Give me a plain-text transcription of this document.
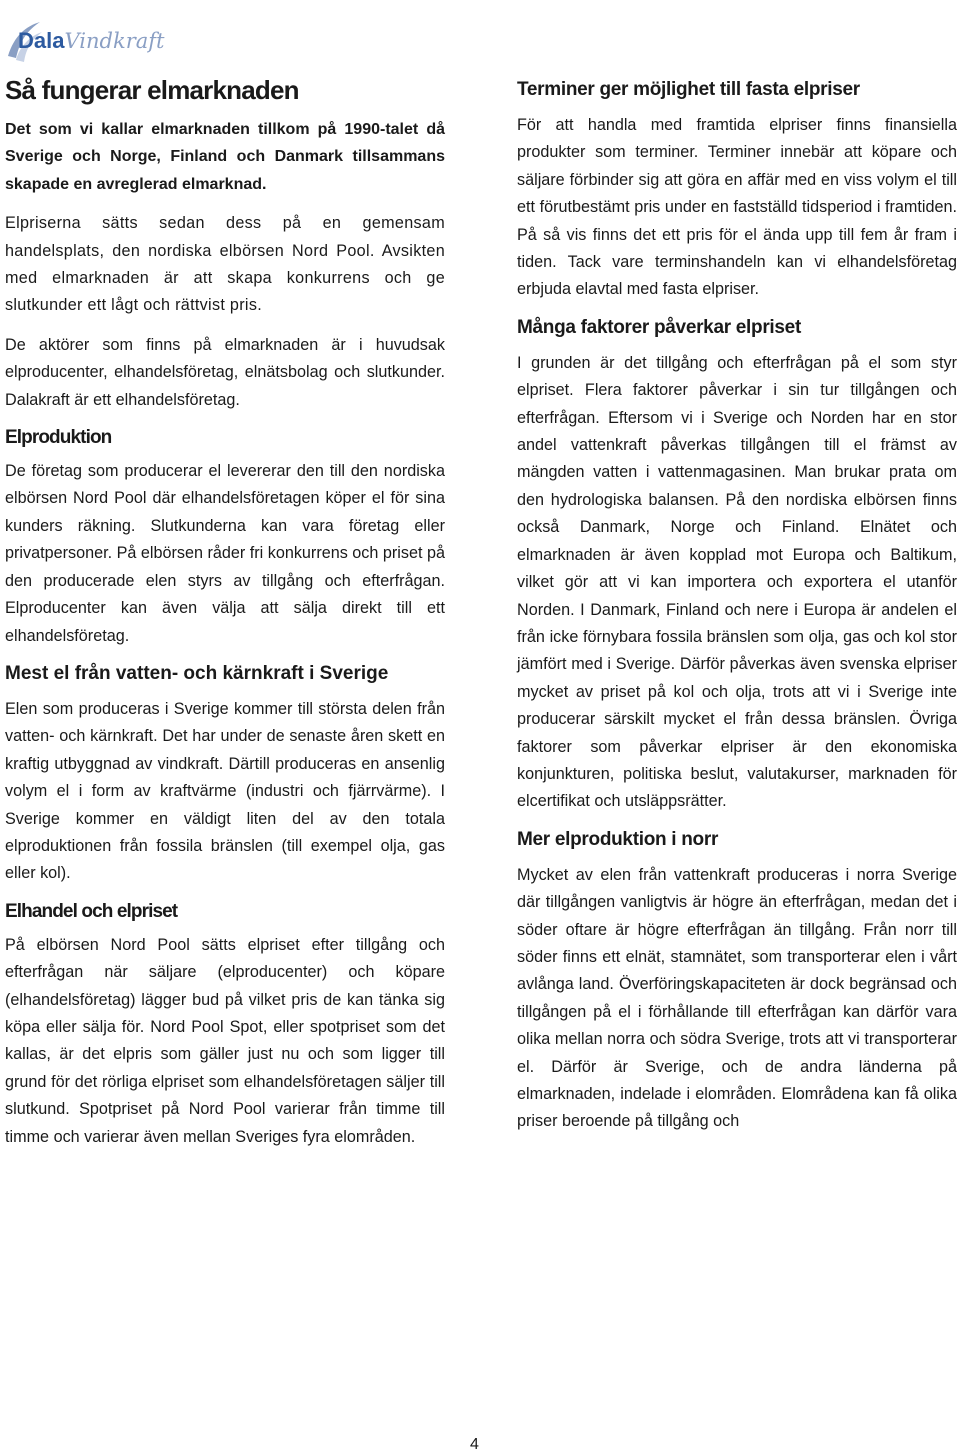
DalaVindkraft
Så fungerar elmarknaden

Det som vi kallar elmarknaden tillkom på 1990-talet då Sverige och Norge, Finland och Danmark tillsammans skapade en avreglerad elmarknad.

Elpriserna sätts sedan dess på en gemensam handelsplats, den nordiska elbörsen Nord Pool. Avsikten med elmarknaden är att skapa konkurrens och ge slutkunder ett lågt och rättvist pris.

De aktörer som finns på elmarknaden är i huvudsak elproducenter, elhandelsföretag, elnätsbolag och slutkunder. Dalakraft är ett elhandelsföretag.

Elproduktion

De företag som producerar el levererar den till den nordiska elbörsen Nord Pool där elhandelsföretagen köper el för sina kunders räkning. Slutkunderna kan vara företag eller privatpersoner. På elbörsen råder fri konkurrens och priset på den producerade elen styrs av tillgång och efterfrågan. Elproducenter kan även välja att sälja direkt till ett elhandelsföretag.

Mest el från vatten- och kärnkraft i Sverige

Elen som produceras i Sverige kommer till största delen från vatten- och kärnkraft. Det har under de senaste åren skett en kraftig utbyggnad av vindkraft. Därtill produceras en ansenlig volym el i form av kraftvärme (industri och fjärrvärme). I Sverige kommer en väldigt liten del av den totala elproduktionen från fossila bränslen (till exempel olja, gas eller kol).

Elhandel och elpriset

På elbörsen Nord Pool sätts elpriset efter tillgång och efterfrågan när säljare (elproducenter) och köpare (elhandelsföretag) lägger bud på vilket pris de kan tänka sig köpa eller sälja för. Nord Pool Spot, eller spotpriset som det kallas, är det elpris som gäller just nu och som ligger till grund för det rörliga elpriset som elhandelsföretagen säljer till slutkund. Spotpriset på Nord Pool varierar från timme till timme och varierar även mellan Sveriges fyra elområden.

Terminer ger möjlighet till fasta elpriser

För att handla med framtida elpriser finns finansiella produkter som terminer. Terminer innebär att köpare och säljare förbinder sig att göra en affär med en viss volym el till ett förutbestämt pris under en fastställd tidsperiod i framtiden. På så vis finns det ett pris för el ända upp till fem år fram i tiden. Tack vare terminshandeln kan vi elhandelsföretag erbjuda elavtal med fasta elpriser.

Många faktorer påverkar elpriset

I grunden är det tillgång och efterfrågan på el som styr elpriset. Flera faktorer påverkar i sin tur tillgången och efterfrågan. Eftersom vi i Sverige och Norden har en stor andel vattenkraft påverkas tillgången till el främst av mängden vatten i vattenmagasinen. Man brukar prata om den hydrologiska balansen. På den nordiska elbörsen finns också Danmark, Norge och Finland. Elnätet och elmarknaden är även kopplad mot Europa och Baltikum, vilket gör att vi kan importera och exportera el utanför Norden. I Danmark, Finland och nere i Europa är andelen el från icke förnybara fossila bränslen som olja, gas och kol stor jämfört med i Sverige. Därför påverkas även svenska elpriser mycket av priset på kol och olja, trots att vi i Sverige inte producerar särskilt mycket el från dessa bränslen. Övriga faktorer som påverkar elpriser är den ekonomiska konjunkturen, politiska beslut, valutakurser, marknaden för elcertifikat och utsläppsrätter.

Mer elproduktion i norr

Mycket av elen från vattenkraft produceras i norra Sverige där tillgången vanligtvis är högre än efterfrågan, medan det i söder oftare är högre efterfrågan än tillgång. Från norr till söder finns ett elnät, stamnätet, som transporterar elen i vårt avlånga land. Överföringskapaciteten är dock begränsad och tillgången på el i förhållande till efterfrågan kan därför vara olika mellan norra och södra Sverige, trots att vi transporterar el. Därför är Sverige, och de andra länderna på elmarknaden, indelade i elområden. Elområdena kan få olika priser beroende på tillgång och

4
